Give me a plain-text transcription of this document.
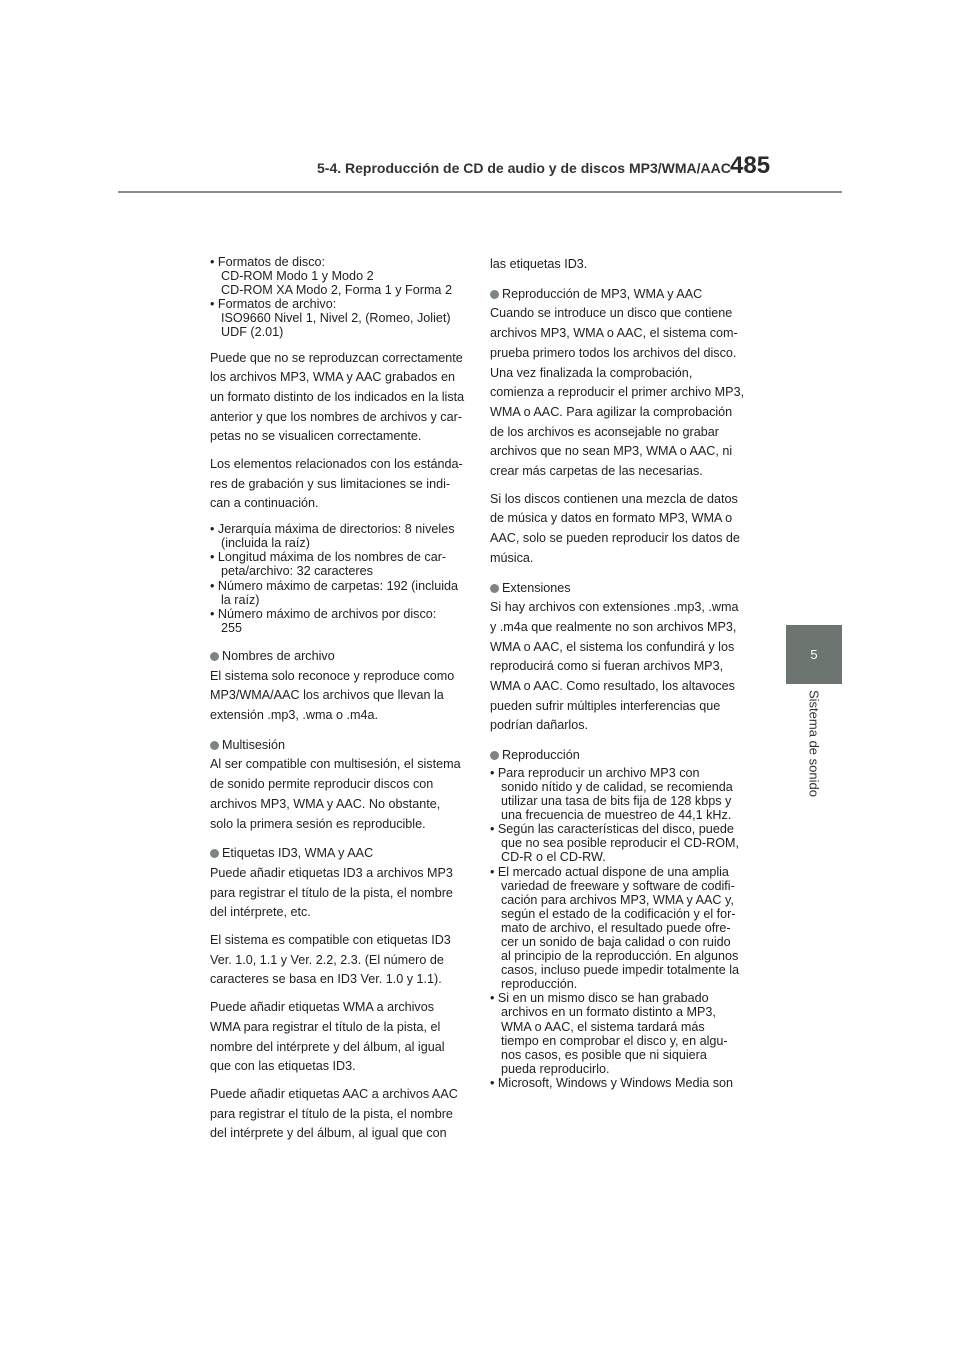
5-4. Reproducción de CD de audio y de discos MP3/WMA/AAC 485
5
Sistema de sonido
• Formatos de disco:
CD-ROM Modo 1 y Modo 2
CD-ROM XA Modo 2, Forma 1 y Forma 2
• Formatos de archivo:
ISO9660 Nivel 1, Nivel 2, (Romeo, Joliet)
UDF (2.01)
Puede que no se reproduzcan correctamente
los archivos MP3, WMA y AAC grabados en
un formato distinto de los indicados en la lista
anterior y que los nombres de archivos y car-
petas no se visualicen correctamente.
Los elementos relacionados con los estánda-
res de grabación y sus limitaciones se indi-
can a continuación.
• Jerarquía máxima de directorios: 8 niveles
(incluida la raíz)
• Longitud máxima de los nombres de car-
peta/archivo: 32 caracteres
• Número máximo de carpetas: 192 (incluida
la raíz)
• Número máximo de archivos por disco:
255
Nombres de archivo
El sistema solo reconoce y reproduce como
MP3/WMA/AAC los archivos que llevan la
extensión .mp3, .wma o .m4a.
Multisesión
Al ser compatible con multisesión, el sistema
de sonido permite reproducir discos con
archivos MP3, WMA y AAC. No obstante,
solo la primera sesión es reproducible.
Etiquetas ID3, WMA y AAC
Puede añadir etiquetas ID3 a archivos MP3
para registrar el título de la pista, el nombre
del intérprete, etc.
El sistema es compatible con etiquetas ID3
Ver. 1.0, 1.1 y Ver. 2.2, 2.3. (El número de
caracteres se basa en ID3 Ver. 1.0 y 1.1).
Puede añadir etiquetas WMA a archivos
WMA para registrar el título de la pista, el
nombre del intérprete y del álbum, al igual
que con las etiquetas ID3.
Puede añadir etiquetas AAC a archivos AAC
para registrar el título de la pista, el nombre
del intérprete y del álbum, al igual que con
las etiquetas ID3.
Reproducción de MP3, WMA y AAC
Cuando se introduce un disco que contiene
archivos MP3, WMA o AAC, el sistema com-
prueba primero todos los archivos del disco.
Una vez finalizada la comprobación,
comienza a reproducir el primer archivo MP3,
WMA o AAC. Para agilizar la comprobación
de los archivos es aconsejable no grabar
archivos que no sean MP3, WMA o AAC, ni
crear más carpetas de las necesarias.
Si los discos contienen una mezcla de datos
de música y datos en formato MP3, WMA o
AAC, solo se pueden reproducir los datos de
música.
Extensiones
Si hay archivos con extensiones .mp3, .wma
y .m4a que realmente no son archivos MP3,
WMA o AAC, el sistema los confundirá y los
reproducirá como si fueran archivos MP3,
WMA o AAC. Como resultado, los altavoces
pueden sufrir múltiples interferencias que
podrían dañarlos.
Reproducción
• Para reproducir un archivo MP3 con
sonido nítido y de calidad, se recomienda
utilizar una tasa de bits fija de 128 kbps y
una frecuencia de muestreo de 44,1 kHz.
• Según las características del disco, puede
que no sea posible reproducir el CD-ROM,
CD-R o el CD-RW.
• El mercado actual dispone de una amplia
variedad de freeware y software de codifi-
cación para archivos MP3, WMA y AAC y,
según el estado de la codificación y el for-
mato de archivo, el resultado puede ofre-
cer un sonido de baja calidad o con ruido
al principio de la reproducción. En algunos
casos, incluso puede impedir totalmente la
reproducción.
• Si en un mismo disco se han grabado
archivos en un formato distinto a MP3,
WMA o AAC, el sistema tardará más
tiempo en comprobar el disco y, en algu-
nos casos, es posible que ni siquiera
pueda reproducirlo.
• Microsoft, Windows y Windows Media son
